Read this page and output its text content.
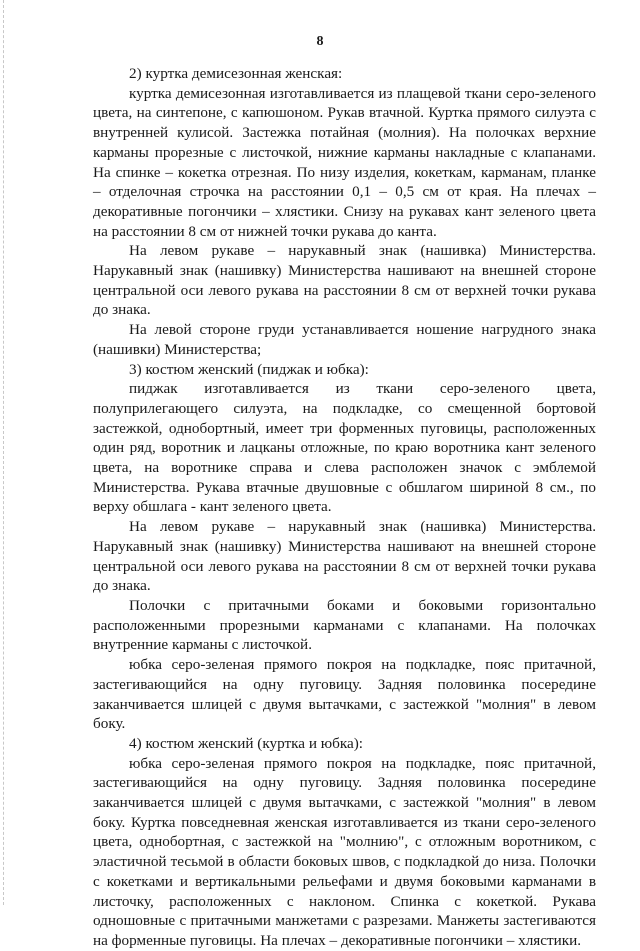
8

2) куртка демисезонная женская:

куртка демисезонная изготавливается из плащевой ткани серо-зеленого цвета, на синтепоне, с капюшоном. Рукав втачной. Куртка прямого силуэта с внутренней кулисой. Застежка потайная (молния). На полочках верхние карманы прорезные с листочкой, нижние карманы накладные с клапанами. На спинке – кокетка отрезная. По низу изделия, кокеткам, карманам, планке – отделочная строчка на расстоянии 0,1 – 0,5 см от края. На плечах – декоративные погончики – хлястики. Снизу на рукавах кант зеленого цвета на расстоянии 8 см от нижней точки рукава до канта.

На левом рукаве – нарукавный знак (нашивка) Министерства. Нарукавный знак (нашивку) Министерства нашивают на внешней стороне центральной оси левого рукава на расстоянии 8 см от верхней точки рукава до знака.

На левой стороне груди устанавливается ношение нагрудного знака (нашивки) Министерства;

3) костюм женский (пиджак и юбка):

пиджак изготавливается из ткани серо-зеленого цвета, полуприлегающего силуэта, на подкладке, со смещенной бортовой застежкой, однобортный, имеет три форменных пуговицы, расположенных один ряд, воротник и лацканы отложные, по краю воротника кант зеленого цвета, на воротнике справа и слева расположен значок с эмблемой Министерства. Рукава втачные двушовные с обшлагом шириной 8 см., по верху обшлага - кант зеленого цвета.

На левом рукаве – нарукавный знак (нашивка) Министерства. Нарукавный знак (нашивку) Министерства нашивают на внешней стороне центральной оси левого рукава на расстоянии 8 см от верхней точки рукава до знака.

Полочки с притачными боками и боковыми горизонтально расположенными прорезными карманами с клапанами. На полочках внутренние карманы с листочкой.

юбка серо-зеленая прямого покроя на подкладке, пояс притачной, застегивающийся на одну пуговицу. Задняя половинка посередине заканчивается шлицей с двумя вытачками, с застежкой "молния" в левом боку.

4) костюм женский (куртка и юбка):

юбка серо-зеленая прямого покроя на подкладке, пояс притачной, застегивающийся на одну пуговицу. Задняя половинка посередине заканчивается шлицей с двумя вытачками, с застежкой "молния" в левом боку. Куртка повседневная женская изготавливается из ткани серо-зеленого цвета, однобортная, с застежкой на "молнию", с отложным воротником, с эластичной тесьмой в области боковых швов, с подкладкой до низа. Полочки с кокетками и вертикальными рельефами и двумя боковыми карманами в листочку, расположенных с наклоном. Спинка с кокеткой. Рукава одношовные с притачными манжетами с разрезами. Манжеты застегиваются на форменные пуговицы. На плечах – декоративные погончики – хлястики.
